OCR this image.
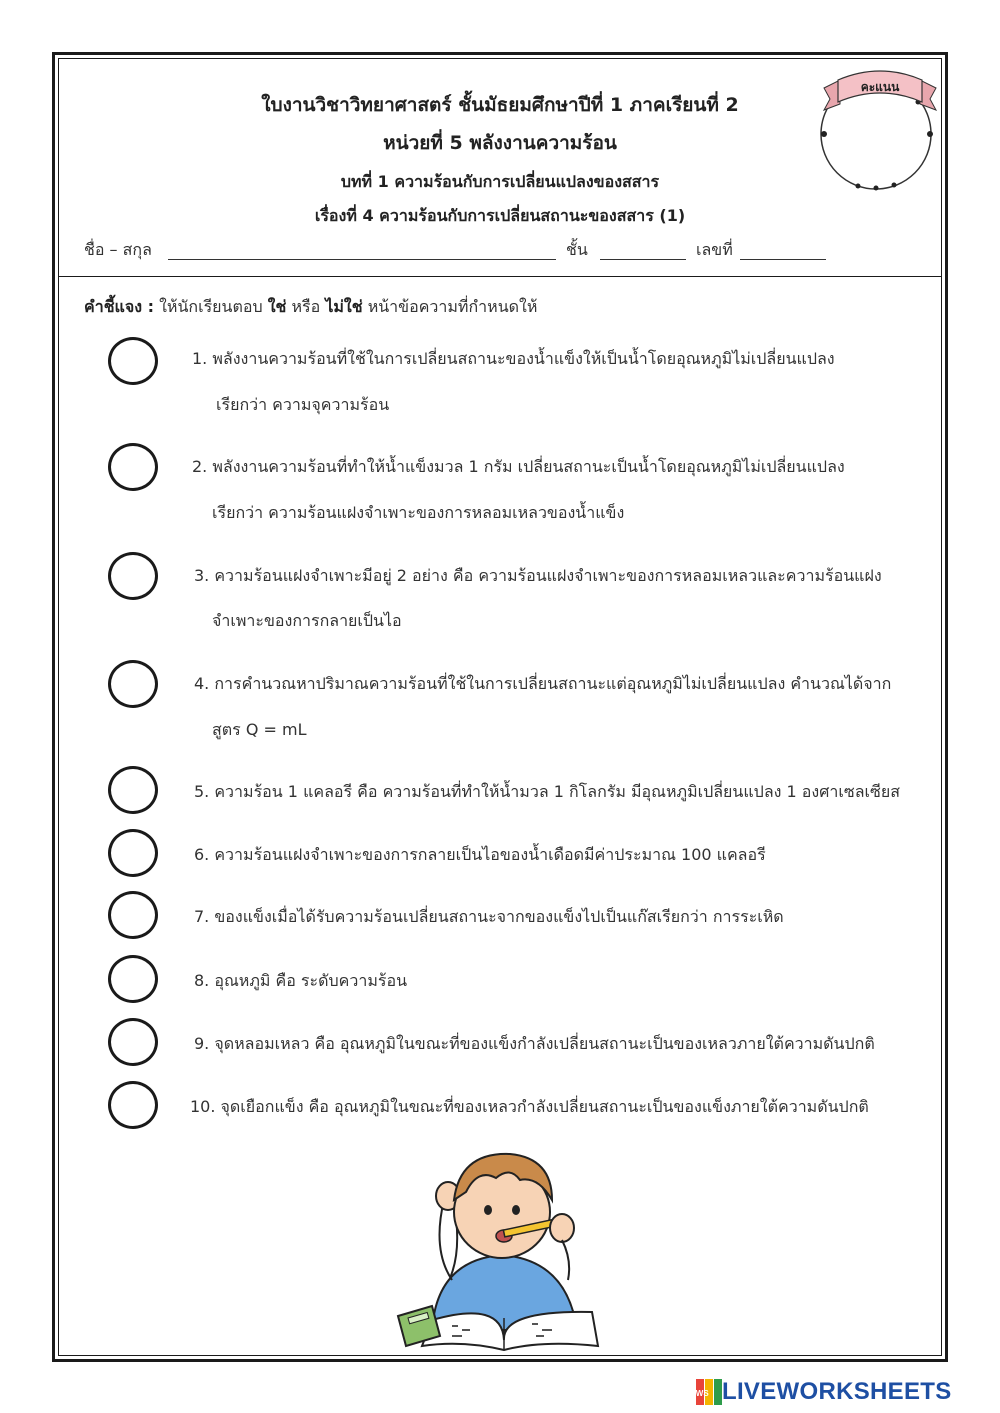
ใบงานวิชาวิทยาศาสตร์ ชั้นมัธยมศึกษาปีที่ 1 ภาคเรียนที่ 2
หน่วยที่ 5 พลังงานความร้อน
บทที่ 1 ความร้อนกับการเปลี่ยนแปลงของสสาร
เรื่องที่ 4 ความร้อนกับการเปลี่ยนสถานะของสสาร (1)
ชื่อ – สกุล	ชั้น	เลขที่
คะแนน
คำชี้แจง : ให้นักเรียนตอบ ใช่ หรือ ไม่ใช่ หน้าข้อความที่กำหนดให้
1. พลังงานความร้อนที่ใช้ในการเปลี่ยนสถานะของน้ำแข็งให้เป็นน้ำโดยอุณหภูมิไม่เปลี่ยนแปลง
เรียกว่า ความจุความร้อน
2. พลังงานความร้อนที่ทำให้น้ำแข็งมวล 1 กรัม เปลี่ยนสถานะเป็นน้ำโดยอุณหภูมิไม่เปลี่ยนแปลง
เรียกว่า ความร้อนแฝงจำเพาะของการหลอมเหลวของน้ำแข็ง
3. ความร้อนแฝงจำเพาะมีอยู่ 2 อย่าง คือ ความร้อนแฝงจำเพาะของการหลอมเหลวและความร้อนแฝง
จำเพาะของการกลายเป็นไอ
4. การคำนวณหาปริมาณความร้อนที่ใช้ในการเปลี่ยนสถานะแต่อุณหภูมิไม่เปลี่ยนแปลง คำนวณได้จาก
สูตร Q = mL
5. ความร้อน 1 แคลอรี คือ ความร้อนที่ทำให้น้ำมวล 1 กิโลกรัม มีอุณหภูมิเปลี่ยนแปลง 1 องศาเซลเซียส
6. ความร้อนแฝงจำเพาะของการกลายเป็นไอของน้ำเดือดมีค่าประมาณ 100 แคลอรี
7. ของแข็งเมื่อได้รับความร้อนเปลี่ยนสถานะจากของแข็งไปเป็นแก๊สเรียกว่า การระเหิด
8. อุณหภูมิ คือ ระดับความร้อน
9. จุดหลอมเหลว คือ อุณหภูมิในขณะที่ของแข็งกำลังเปลี่ยนสถานะเป็นของเหลวภายใต้ความดันปกติ
10. จุดเยือกแข็ง คือ อุณหภูมิในขณะที่ของเหลวกำลังเปลี่ยนสถานะเป็นของแข็งภายใต้ความดันปกติ
LWS LIVEWORKSHEETS
